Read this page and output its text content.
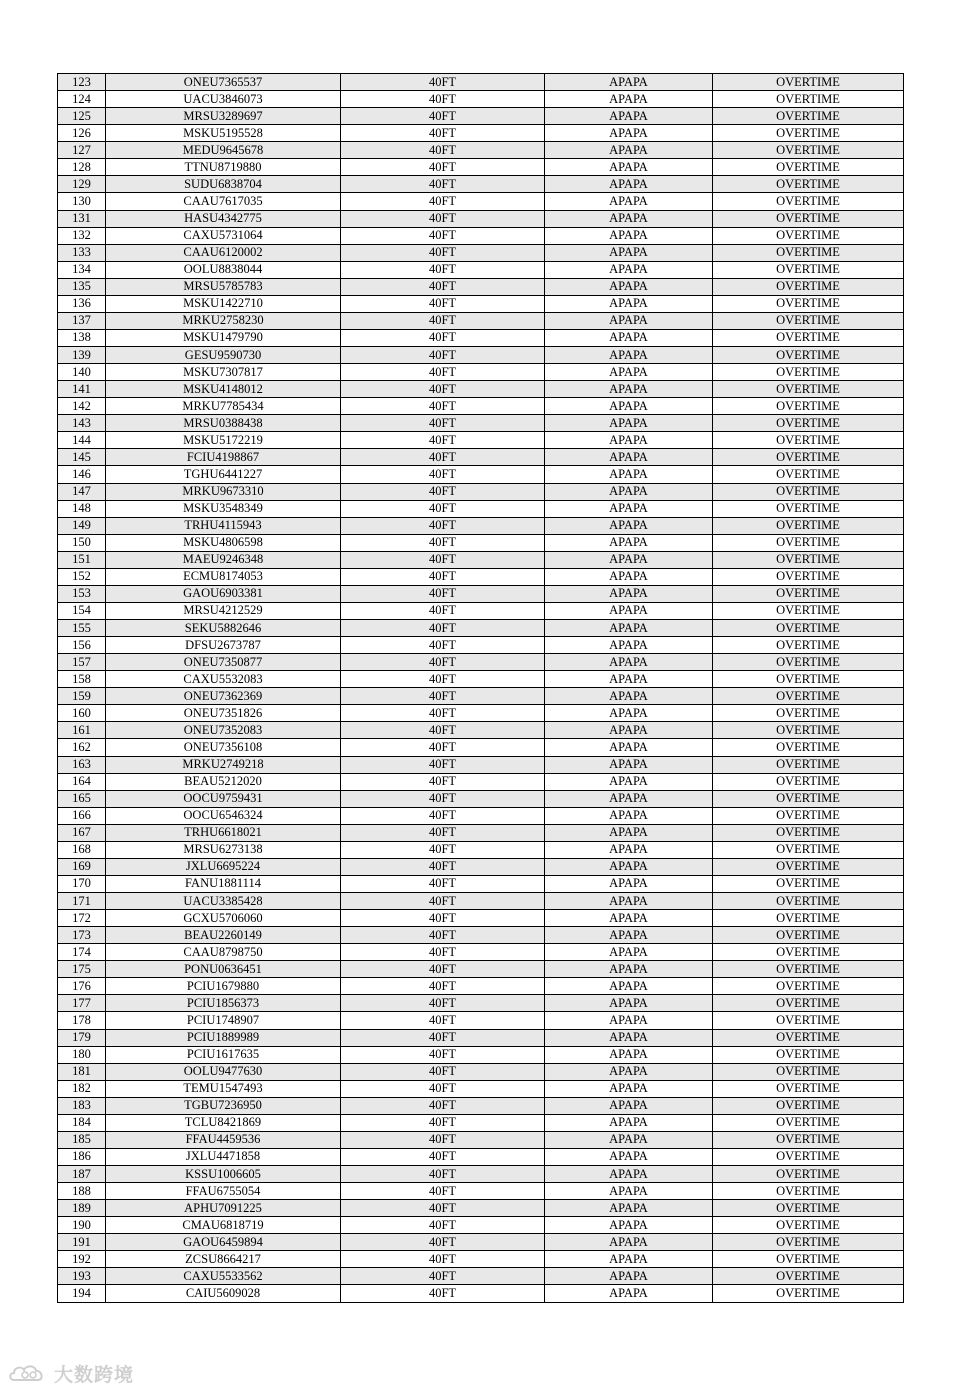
123	ONEU7365537	40FT	APAPA	OVERTIME
124	UACU3846073	40FT	APAPA	OVERTIME
125	MRSU3289697	40FT	APAPA	OVERTIME
126	MSKU5195528	40FT	APAPA	OVERTIME
127	MEDU9645678	40FT	APAPA	OVERTIME
128	TTNU8719880	40FT	APAPA	OVERTIME
129	SUDU6838704	40FT	APAPA	OVERTIME
130	CAAU7617035	40FT	APAPA	OVERTIME
131	HASU4342775	40FT	APAPA	OVERTIME
132	CAXU5731064	40FT	APAPA	OVERTIME
133	CAAU6120002	40FT	APAPA	OVERTIME
134	OOLU8838044	40FT	APAPA	OVERTIME
135	MRSU5785783	40FT	APAPA	OVERTIME
136	MSKU1422710	40FT	APAPA	OVERTIME
137	MRKU2758230	40FT	APAPA	OVERTIME
138	MSKU1479790	40FT	APAPA	OVERTIME
139	GESU9590730	40FT	APAPA	OVERTIME
140	MSKU7307817	40FT	APAPA	OVERTIME
141	MSKU4148012	40FT	APAPA	OVERTIME
142	MRKU7785434	40FT	APAPA	OVERTIME
143	MRSU0388438	40FT	APAPA	OVERTIME
144	MSKU5172219	40FT	APAPA	OVERTIME
145	FCIU4198867	40FT	APAPA	OVERTIME
146	TGHU6441227	40FT	APAPA	OVERTIME
147	MRKU9673310	40FT	APAPA	OVERTIME
148	MSKU3548349	40FT	APAPA	OVERTIME
149	TRHU4115943	40FT	APAPA	OVERTIME
150	MSKU4806598	40FT	APAPA	OVERTIME
151	MAEU9246348	40FT	APAPA	OVERTIME
152	ECMU8174053	40FT	APAPA	OVERTIME
153	GAOU6903381	40FT	APAPA	OVERTIME
154	MRSU4212529	40FT	APAPA	OVERTIME
155	SEKU5882646	40FT	APAPA	OVERTIME
156	DFSU2673787	40FT	APAPA	OVERTIME
157	ONEU7350877	40FT	APAPA	OVERTIME
158	CAXU5532083	40FT	APAPA	OVERTIME
159	ONEU7362369	40FT	APAPA	OVERTIME
160	ONEU7351826	40FT	APAPA	OVERTIME
161	ONEU7352083	40FT	APAPA	OVERTIME
162	ONEU7356108	40FT	APAPA	OVERTIME
163	MRKU2749218	40FT	APAPA	OVERTIME
164	BEAU5212020	40FT	APAPA	OVERTIME
165	OOCU9759431	40FT	APAPA	OVERTIME
166	OOCU6546324	40FT	APAPA	OVERTIME
167	TRHU6618021	40FT	APAPA	OVERTIME
168	MRSU6273138	40FT	APAPA	OVERTIME
169	JXLU6695224	40FT	APAPA	OVERTIME
170	FANU1881114	40FT	APAPA	OVERTIME
171	UACU3385428	40FT	APAPA	OVERTIME
172	GCXU5706060	40FT	APAPA	OVERTIME
173	BEAU2260149	40FT	APAPA	OVERTIME
174	CAAU8798750	40FT	APAPA	OVERTIME
175	PONU0636451	40FT	APAPA	OVERTIME
176	PCIU1679880	40FT	APAPA	OVERTIME
177	PCIU1856373	40FT	APAPA	OVERTIME
178	PCIU1748907	40FT	APAPA	OVERTIME
179	PCIU1889989	40FT	APAPA	OVERTIME
180	PCIU1617635	40FT	APAPA	OVERTIME
181	OOLU9477630	40FT	APAPA	OVERTIME
182	TEMU1547493	40FT	APAPA	OVERTIME
183	TGBU7236950	40FT	APAPA	OVERTIME
184	TCLU8421869	40FT	APAPA	OVERTIME
185	FFAU4459536	40FT	APAPA	OVERTIME
186	JXLU4471858	40FT	APAPA	OVERTIME
187	KSSU1006605	40FT	APAPA	OVERTIME
188	FFAU6755054	40FT	APAPA	OVERTIME
189	APHU7091225	40FT	APAPA	OVERTIME
190	CMAU6818719	40FT	APAPA	OVERTIME
191	GAOU6459894	40FT	APAPA	OVERTIME
192	ZCSU8664217	40FT	APAPA	OVERTIME
193	CAXU5533562	40FT	APAPA	OVERTIME
194	CAIU5609028	40FT	APAPA	OVERTIME
大数跨境
